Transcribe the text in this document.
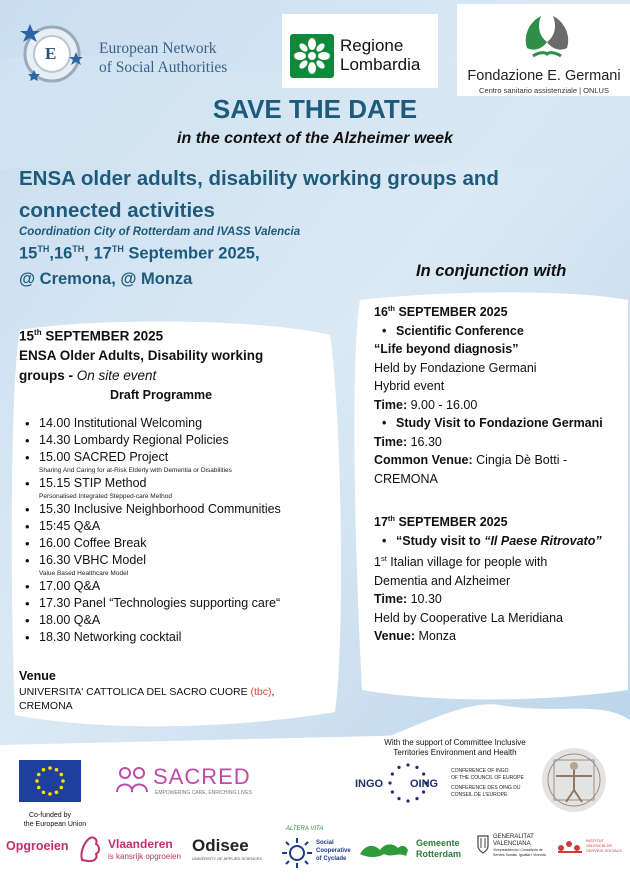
E	European Network
of Social Authorities
Regione
Lombardia
Fondazione E. Germani
Centro sanitario assistenziale | ONLUS
SAVE THE DATE
in the context of the Alzheimer week
ENSA older adults, disability working groups and
connected activities
Coordination City of Rotterdam and IVASS Valencia
15TH,16TH, 17TH September 2025,
@ Cremona, @ Monza
15th SEPTEMBER 2025
ENSA Older Adults, Disability working
groups - On site event
Draft Programme
• 14.00 Institutional Welcoming
• 14.30 Lombardy Regional Policies
• 15.00 SACRED Project
Sharing And Caring for at-Risk Elderly with Dementia or Disabilities
• 15.15 STIP Method
Personalised Integrated Stepped-care Method
• 15.30 Inclusive Neighborhood Communities
• 15:45 Q&A
• 16.00 Coffee Break
• 16.30 VBHC Model
Value Based Healthcare Model
• 17.00 Q&A
• 17.30 Panel “Technologies supporting care“
• 18.00 Q&A
• 18.30 Networking cocktail
Venue
UNIVERSITA' CATTOLICA DEL SACRO CUORE (tbc),
CREMONA
In conjunction with
16th SEPTEMBER 2025
• Scientific Conference
“Life beyond diagnosis”
Held by Fondazione Germani
Hybrid event
Time: 9.00 - 16.00
• Study Visit to Fondazione Germani
Time: 16.30
Common Venue: Cingia Dè Botti -
CREMONA
17th SEPTEMBER 2025
• “Study visit to “Il Paese Ritrovato”
1st Italian village for people with
Dementia and Alzheimer
Time: 10.30
Held by Cooperative La Meridiana
Venue: Monza
With the support of Committee Inclusive
Territories Environment and Health
Co-funded by
the European Union
SACRED
EMPOWERING CARE, ENRICHING LIVES
INGO OING
CONFERENCE OF INGO
OF THE COUNCIL OF EUROPE
CONFERENCE DES OING DU
CONSEIL DE L'EUROPE
Opgroeien	Vlaanderen
is kansrijk opgroeien
Odisee
UNIVERSITY OF APPLIED SCIENCES
ALTERA VITA
Social
Cooperative
of Cyclade
Gemeente
Rotterdam
GENERALITAT
VALENCIANA
Vicepresidència i Conselleria de
Serveis Socials, Igualtat i Vivenda
INSTITUT
VALENCIÀ DE
SERVEIS SOCIALS
